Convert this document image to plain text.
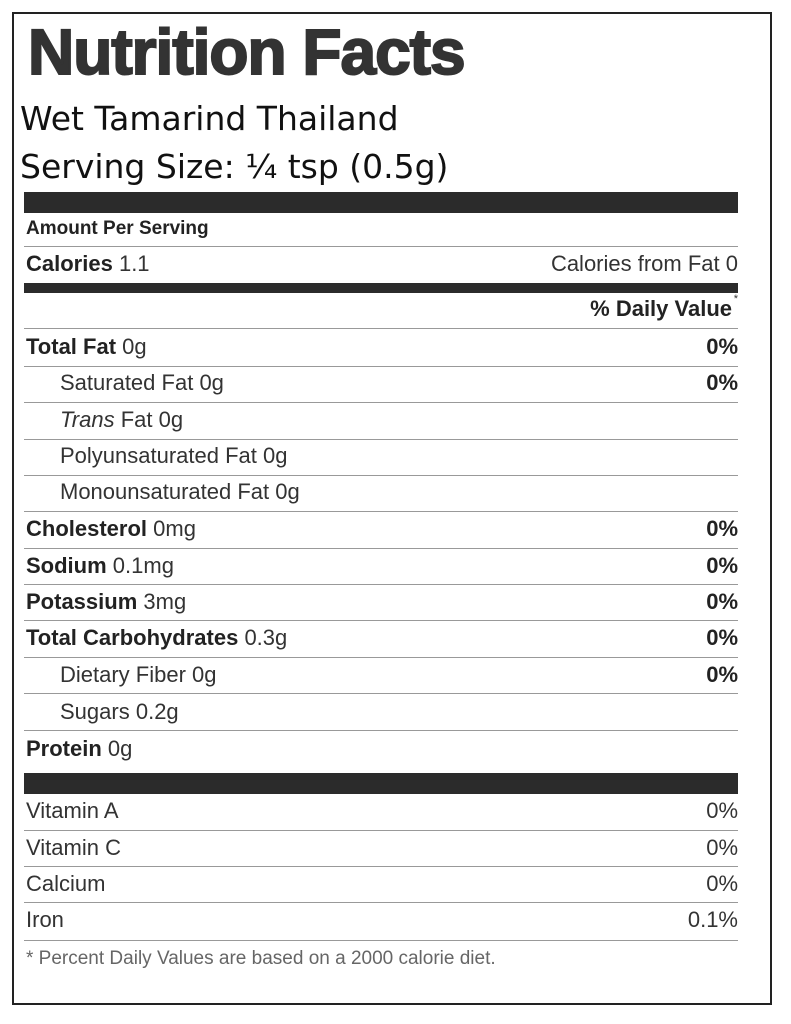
Nutrition Facts
Wet Tamarind Thailand
Serving Size: ¼ tsp (0.5g)
Amount Per Serving
Calories 1.1	Calories from Fat 0
% Daily Value *
Total Fat 0g	0%
Saturated Fat 0g	0%
Trans Fat 0g
Polyunsaturated Fat 0g
Monounsaturated Fat 0g
Cholesterol 0mg	0%
Sodium 0.1mg	0%
Potassium 3mg	0%
Total Carbohydrates 0.3g	0%
Dietary Fiber 0g	0%
Sugars 0.2g
Protein 0g
Vitamin A	0%
Vitamin C	0%
Calcium	0%
Iron	0.1%
* Percent Daily Values are based on a 2000 calorie diet.
